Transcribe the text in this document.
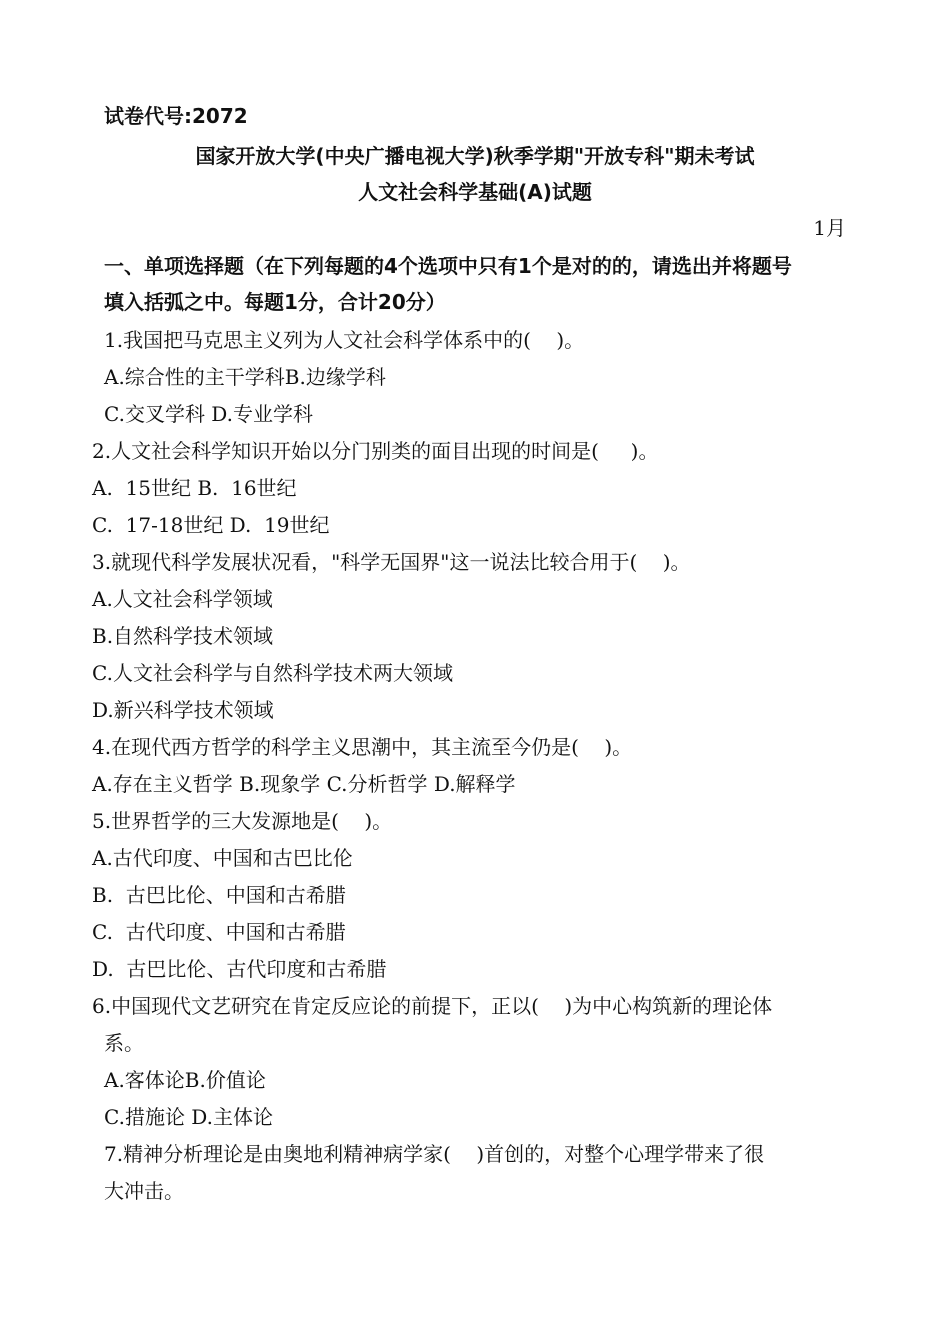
试卷代号:2072
国家开放大学(中央广播电视大学)秋季学期"开放专科"期未考试
人文社会科学基础(A)试题
1月
一、单项选择题（在下列每题的4个选项中只有1个是对的的，请选出并将题号
填入括弧之中。每题1分，合计20分）
1.我国把马克思主义列为人文社会科学体系中的(    )。
A.综合性的主干学科B.边缘学科
C.交叉学科 D.专业学科
2.人文社会科学知识开始以分门别类的面目出现的时间是(     )。
A.  15世纪 B.  16世纪
C.  17-18世纪 D.  19世纪
3.就现代科学发展状况看，"科学无国界"这一说法比较合用于(    )。
A.人文社会科学领域
B.自然科学技术领域
C.人文社会科学与自然科学技术两大领域
D.新兴科学技术领域
4.在现代西方哲学的科学主义思潮中，其主流至今仍是(    )。
A.存在主义哲学 B.现象学 C.分析哲学 D.解释学
5.世界哲学的三大发源地是(    )。
A.古代印度、中国和古巴比伦
B.  古巴比伦、中国和古希腊
C.  古代印度、中国和古希腊
D.  古巴比伦、古代印度和古希腊
6.中国现代文艺研究在肯定反应论的前提下，正以(    )为中心构筑新的理论体
系。
A.客体论B.价值论
C.措施论 D.主体论
7.精神分析理论是由奥地利精神病学家(    )首创的，对整个心理学带来了很
大冲击。
